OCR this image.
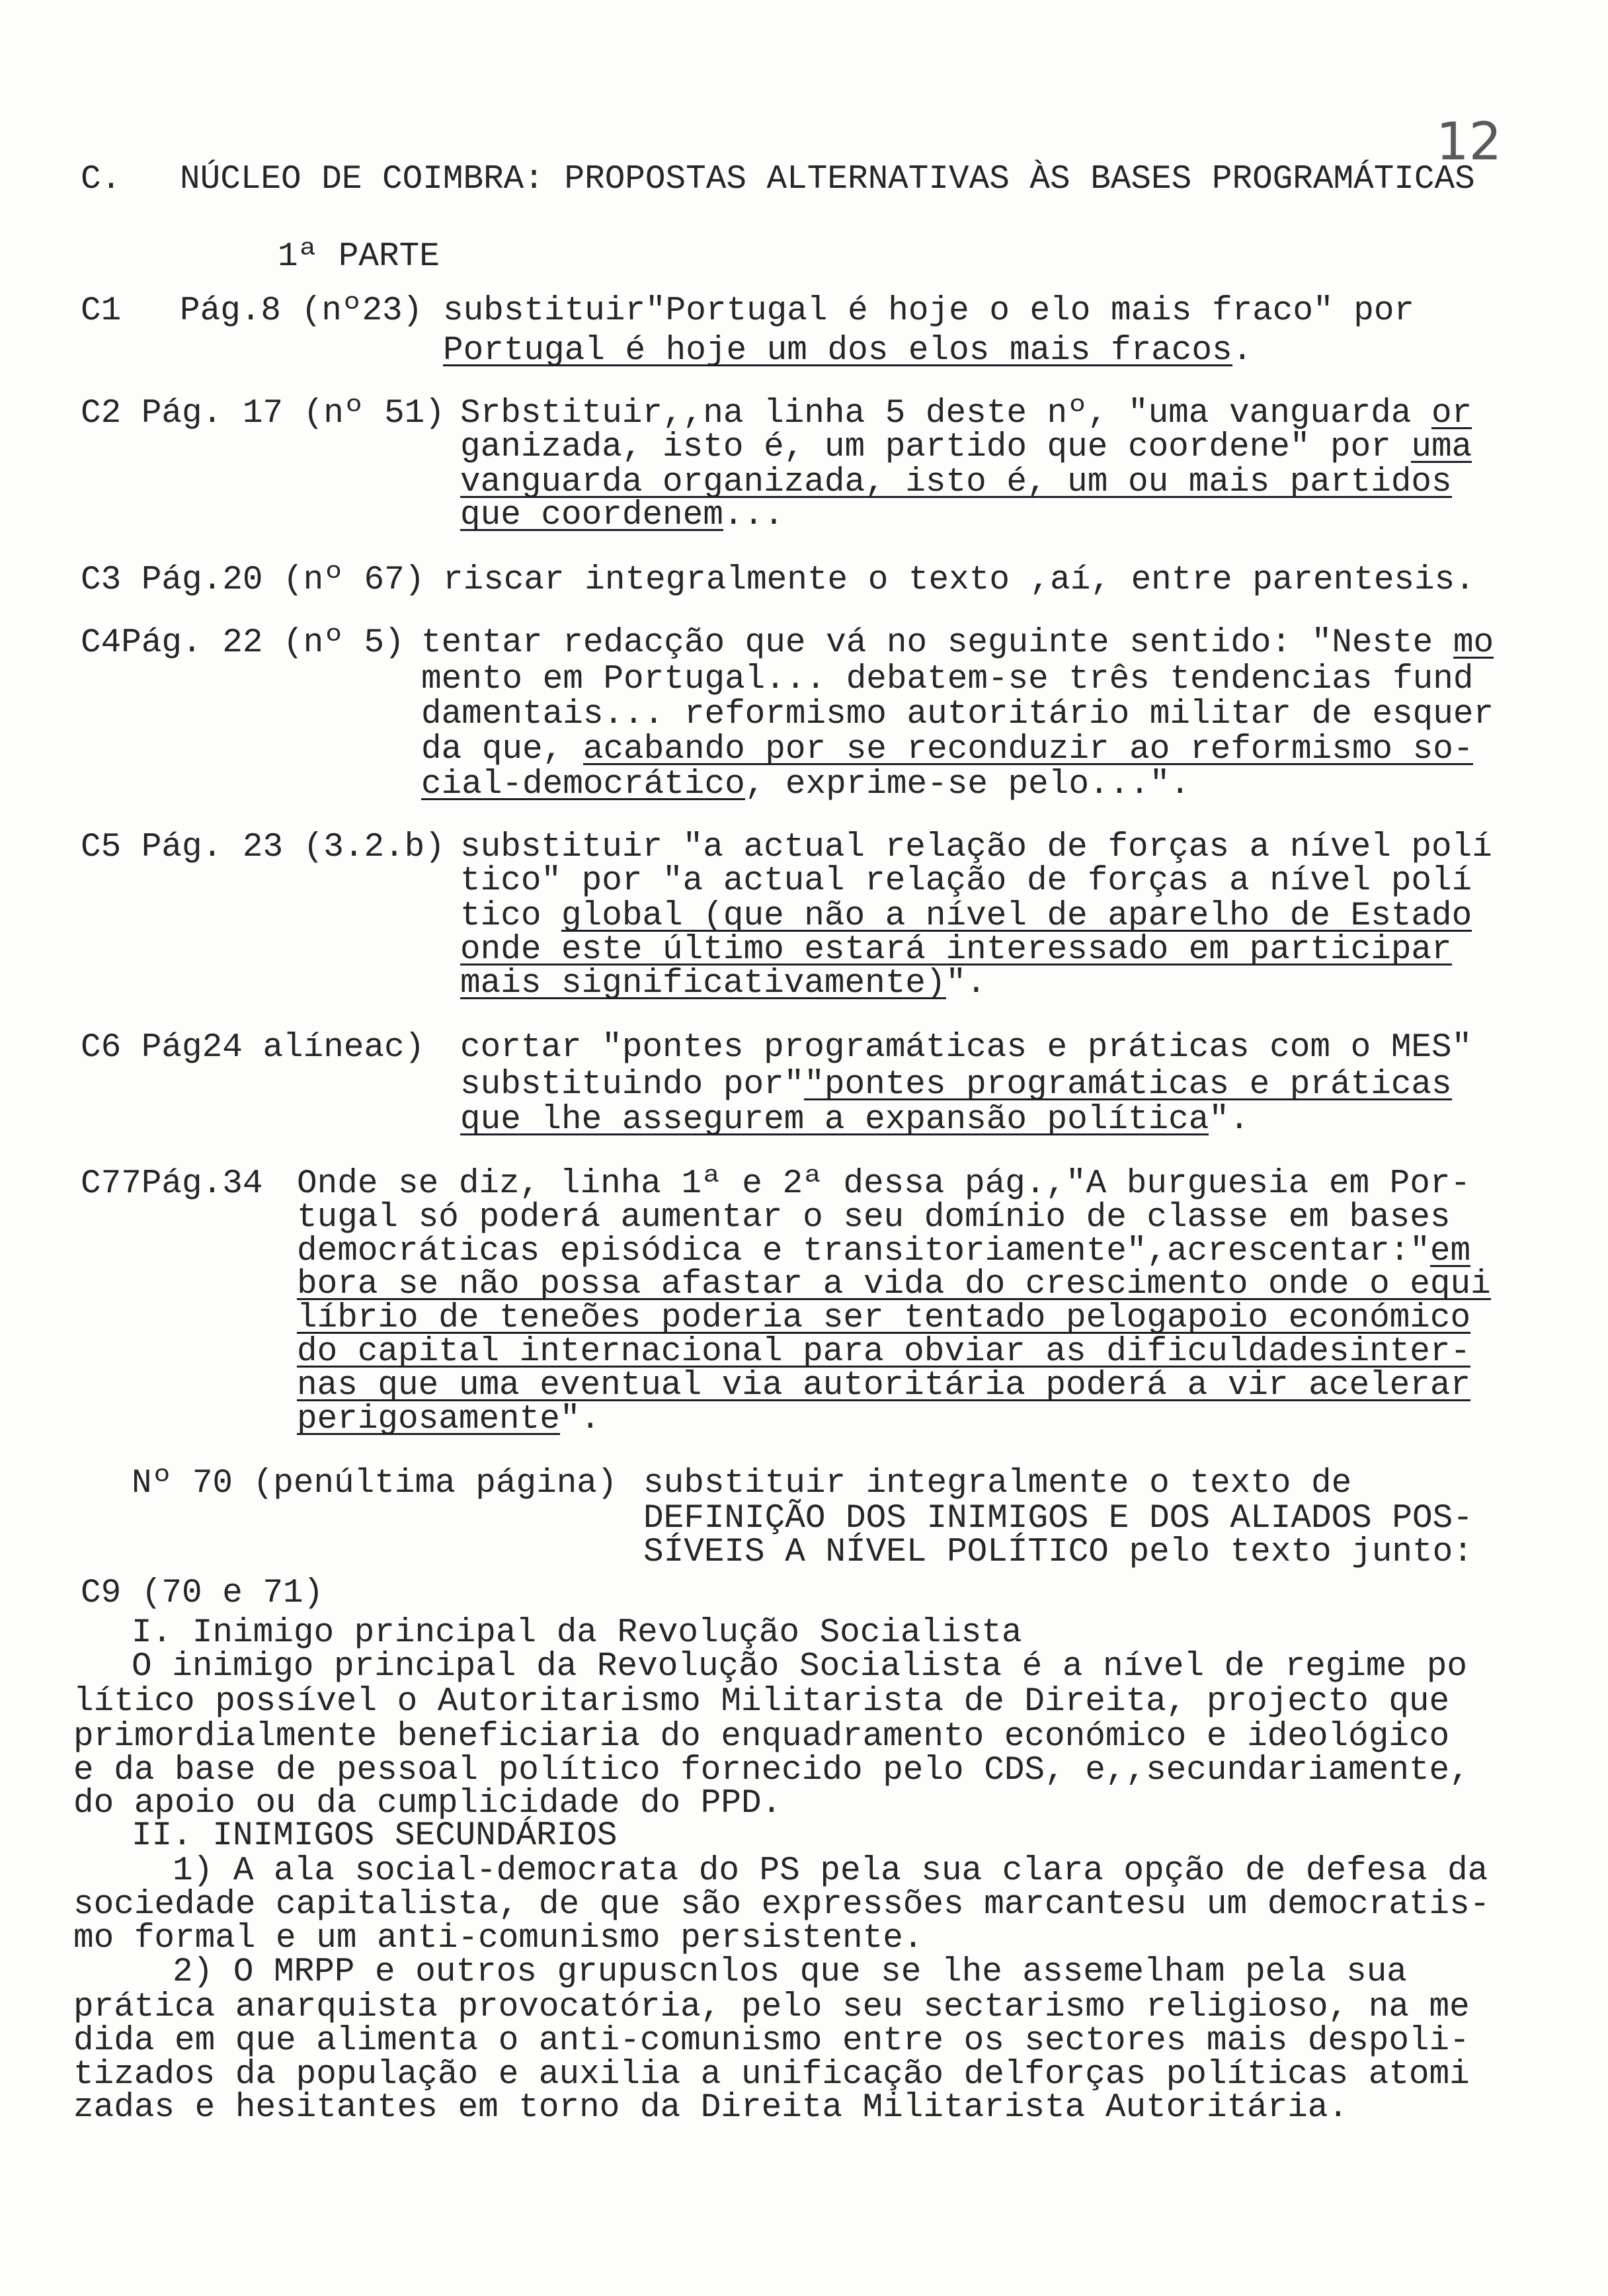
12
C. NÚCLEO DE COIMBRA: PROPOSTAS ALTERNATIVAS ÀS BASES PROGRAMÁTICAS
1ª PARTE
C1 Pág.8 (nº23) substituir"Portugal é hoje o elo mais fraco" por
Portugal é hoje um dos elos mais fracos.
C2 Pág. 17 (nº 51) Srbstituir,,na linha 5 deste nº, "uma vanguarda or
ganizada, isto é, um partido que coordene" por uma
vanguarda organizada, isto é, um ou mais partidos
que coordenem...
C3 Pág.20 (nº 67) riscar integralmente o texto ,aí, entre parentesis.
C4Pág. 22 (nº 5) tentar redacção que vá no seguinte sentido: "Neste mo
mento em Portugal... debatem-se três tendencias fund
damentais... reformismo autoritário militar de esquer
da que, acabando por se reconduzir ao reformismo so-
cial-democrático, exprime-se pelo...".
C5 Pág. 23 (3.2.b) substituir "a actual relação de forças a nível polí
tico" por "a actual relação de forças a nível polí
tico global (que não a nível de aparelho de Estado
onde este último estará interessado em participar
mais significativamente)".
C6 Pág24 alíneac) cortar "pontes programáticas e práticas com o MES"
substituindo por""pontes programáticas e práticas
que lhe assegurem a expansão política".
C77Pág.34 Onde se diz, linha 1ª e 2ª dessa pág.,"A burguesia em Por-
tugal só poderá aumentar o seu domínio de classe em bases
democráticas episódica e transitoriamente",acrescentar:"em
bora se não possa afastar a vida do crescimento onde o equi
líbrio de teneões poderia ser tentado pelogapoio económico
do capital internacional para obviar as dificuldadesinter-
nas que uma eventual via autoritária poderá a vir acelerar
perigosamente".
Nº 70 (penúltima página) substituir integralmente o texto de
DEFINIÇÃO DOS INIMIGOS E DOS ALIADOS POS-
SÍVEIS A NÍVEL POLÍTICO pelo texto junto:
C9 (70 e 71)
I. Inimigo principal da Revolução Socialista
O inimigo principal da Revolução Socialista é a nível de regime po
lítico possível o Autoritarismo Militarista de Direita, projecto que
primordialmente beneficiaria do enquadramento económico e ideológico
e da base de pessoal político fornecido pelo CDS, e,,secundariamente,
do apoio ou da cumplicidade do PPD.
II. INIMIGOS SECUNDÁRIOS
1) A ala social-democrata do PS pela sua clara opção de defesa da
sociedade capitalista, de que são expressões marcantesu um democratis-
mo formal e um anti-comunismo persistente.
2) O MRPP e outros grupuscnlos que se lhe assemelham pela sua
prática anarquista provocatória, pelo seu sectarismo religioso, na me
dida em que alimenta o anti-comunismo entre os sectores mais despoli-
tizados da população e auxilia a unificação delforças políticas atomi
zadas e hesitantes em torno da Direita Militarista Autoritária.
